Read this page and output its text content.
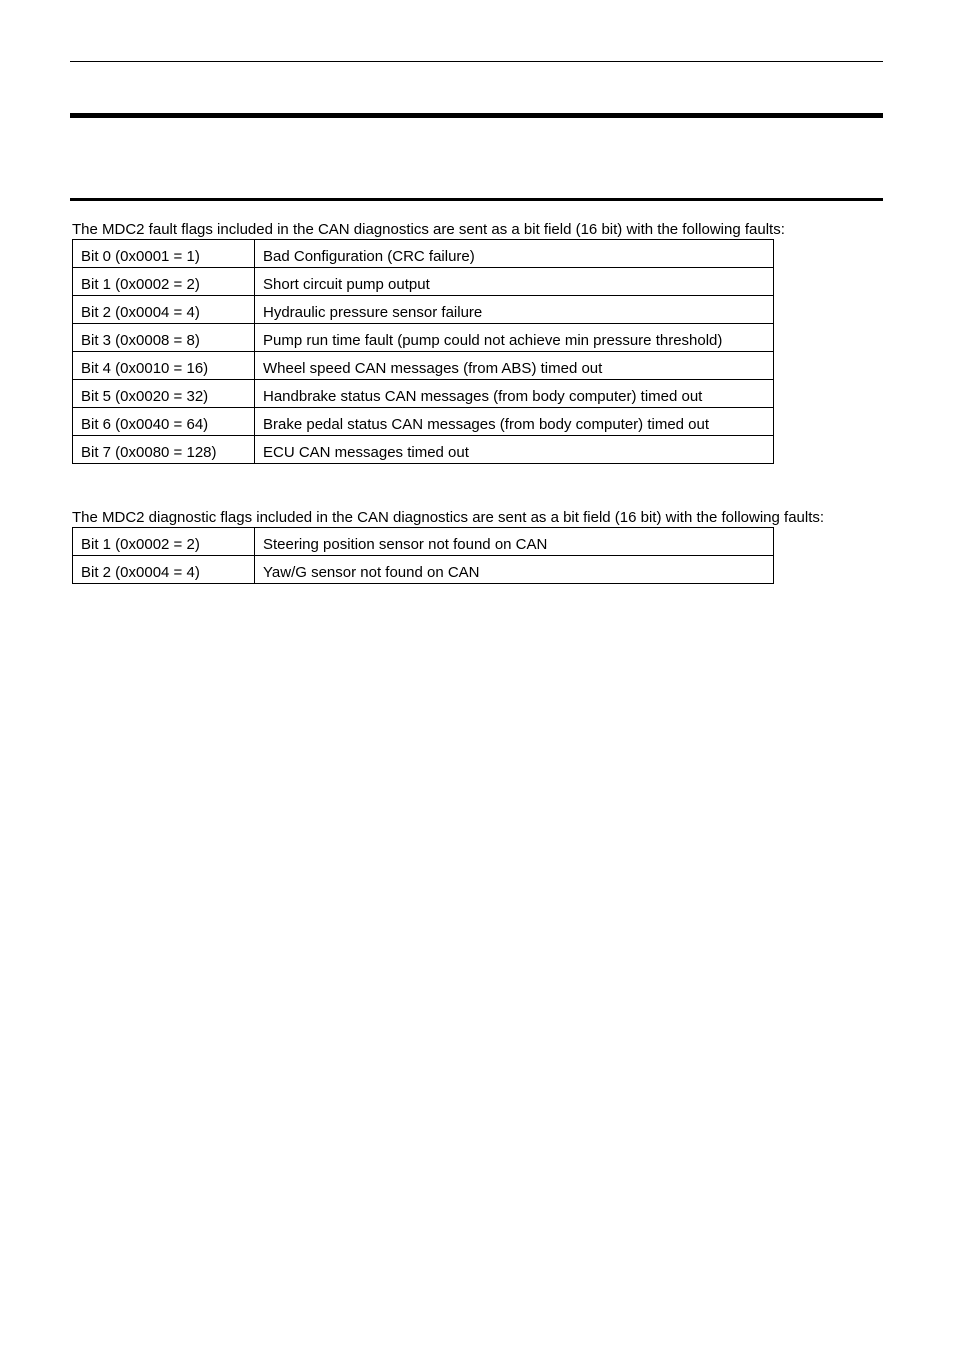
The MDC2 fault flags included in the CAN diagnostics are sent as a bit field (16 bit) with the following faults:

Bit 0 (0x0001 = 1)	Bad Configuration (CRC failure)
Bit 1 (0x0002 = 2)	Short circuit pump output
Bit 2 (0x0004 = 4)	Hydraulic pressure sensor failure
Bit 3 (0x0008 = 8)	Pump run time fault (pump could not achieve min pressure threshold)
Bit 4 (0x0010 = 16)	Wheel speed CAN messages (from ABS) timed out
Bit 5 (0x0020 = 32)	Handbrake status CAN messages (from body computer) timed out
Bit 6 (0x0040 = 64)	Brake pedal status CAN messages (from body computer) timed out
Bit 7 (0x0080 = 128)	ECU CAN messages timed out

The MDC2 diagnostic flags included in the CAN diagnostics are sent as a bit field (16 bit) with the following faults:

Bit 1 (0x0002 = 2)	Steering position sensor not found on CAN
Bit 2 (0x0004 = 4)	Yaw/G sensor not found on CAN
